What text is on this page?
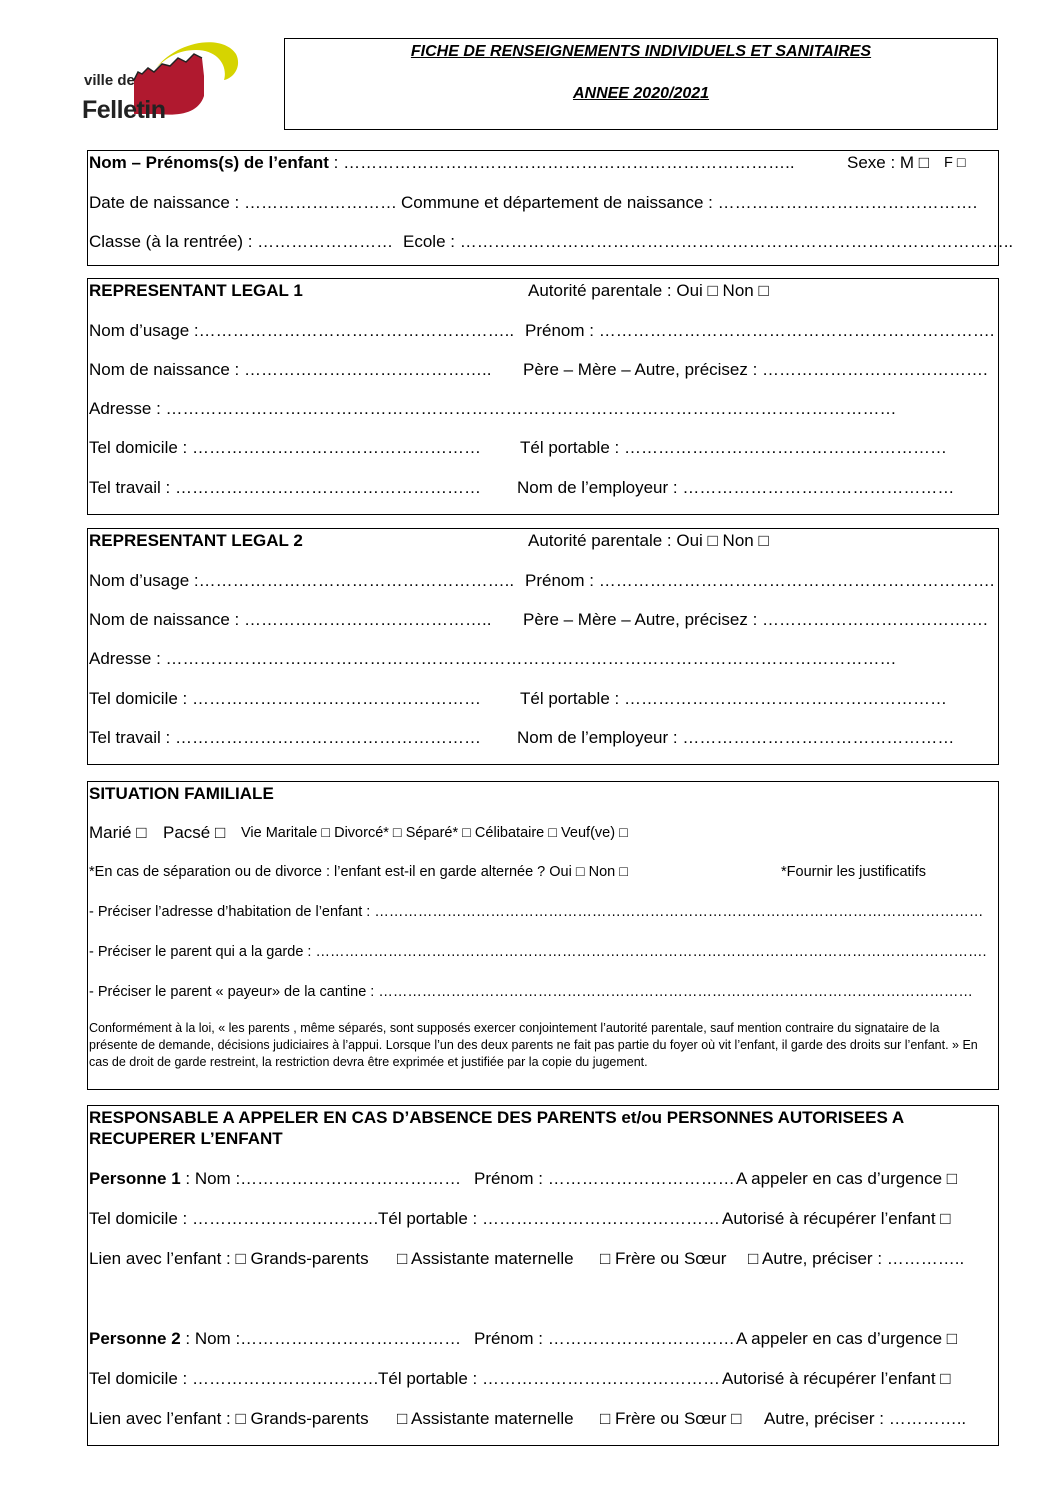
ville de
Felletin
FICHE DE RENSEIGNEMENTS INDIVIDUELS ET SANITAIRES
ANNEE 2020/2021
Nom – Prénoms(s) de l’enfant : ……………………………………………………………………..	Sexe : M □ F □
Date de naissance : ……………………… Commune et département de naissance : ……………………………………….
Classe (à la rentrée) : …………………… Ecole : ……………………………………………………………………………………..
REPRESENTANT LEGAL 1	Autorité parentale : Oui □ Non □
Nom d’usage :……………………………………………….. Prénom : …………………………………………………………….
Nom de naissance : …………………………………….. Père – Mère – Autre, précisez : ………………………………….
Adresse : …………………………………………………………………………………………………………………
Tel domicile : …………………………………………… Tél portable : …………………………………………………
Tel travail : ……………………………………………… Nom de l’employeur : …………………………………………
REPRESENTANT LEGAL 2	Autorité parentale : Oui □ Non □
Nom d’usage :……………………………………………….. Prénom : …………………………………………………………….
Nom de naissance : …………………………………….. Père – Mère – Autre, précisez : ………………………………….
Adresse : …………………………………………………………………………………………………………………
Tel domicile : …………………………………………… Tél portable : …………………………………………………
Tel travail : ……………………………………………… Nom de l’employeur : …………………………………………
SITUATION FAMILIALE
Marié □ Pacsé □ Vie Maritale □ Divorcé* □ Séparé* □ Célibataire □ Veuf(ve) □
*En cas de séparation ou de divorce : l’enfant est-il en garde alternée ? Oui □ Non □	*Fournir les justificatifs
- Préciser l’adresse d’habitation de l’enfant : ………………………………………………………………………………………………………………
- Préciser le parent qui a la garde : ………………………………………………………………………………………………………………………….
- Préciser le parent « payeur» de la cantine : ……………………………………………………………………………………………………………
Conformément à la loi, « les parents , même séparés, sont supposés exercer conjointement l’autorité parentale, sauf mention contraire du signataire de la présente de demande, décisions judiciaires à l’appui. Lorsque l’un des deux parents ne fait pas partie du foyer où vit l’enfant, il garde des droits sur l’enfant. » En cas de droit de garde restreint, la restriction devra être exprimée et justifiée par la copie du jugement.
RESPONSABLE A APPELER EN CAS D’ABSENCE DES PARENTS et/ou PERSONNES AUTORISEES A
RECUPERER L’ENFANT
Personne 1 : Nom :………………………………… Prénom : …………………………… A appeler en cas d’urgence □
Tel domicile : …………………………… Tél portable : …………………………………… Autorisé à récupérer l’enfant □
Lien avec l’enfant : □ Grands-parents □ Assistante maternelle □ Frère ou Sœur □ Autre, préciser : …………..
Personne 2 : Nom :………………………………… Prénom : …………………………… A appeler en cas d’urgence □
Tel domicile : …………………………… Tél portable : …………………………………… Autorisé à récupérer l’enfant □
Lien avec l’enfant : □ Grands-parents □ Assistante maternelle □ Frère ou Sœur □ Autre, préciser : …………..
